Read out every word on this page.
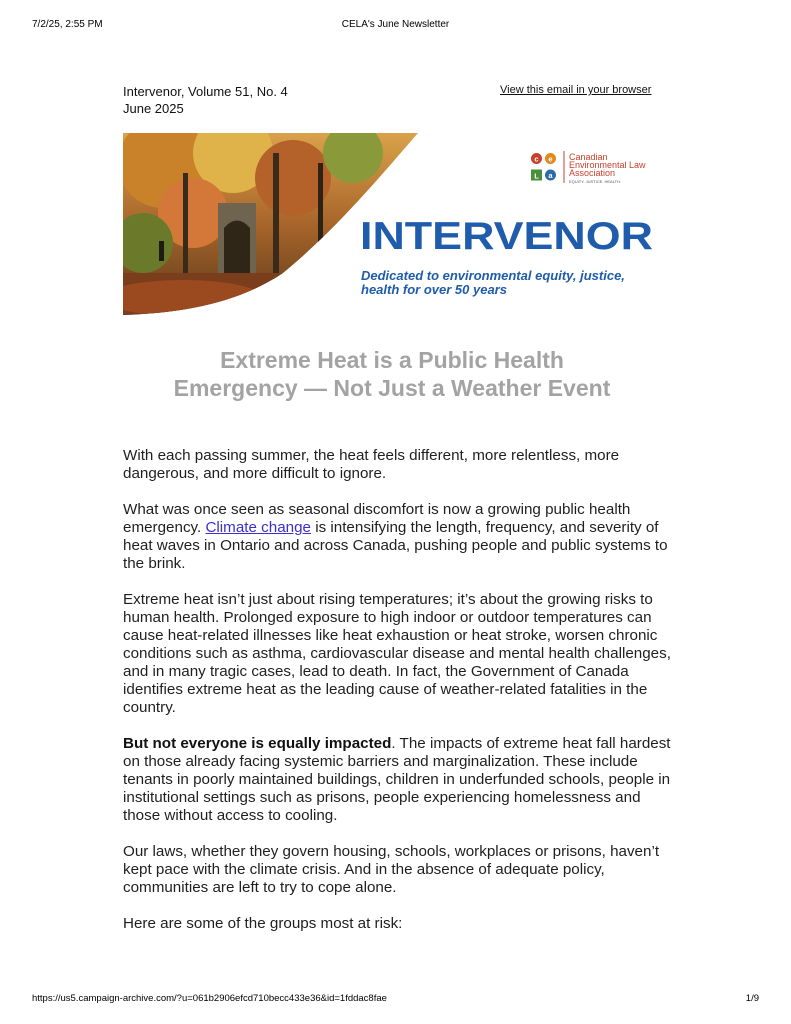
7/2/25, 2:55 PM	CELA's June Newsletter
Intervenor, Volume 51, No. 4
June 2025
View this email in your browser
c e
L a
Canadian
Environmental Law
Association
EQUITY. JUSTICE. HEALTH.
INTERVENOR
Dedicated to environmental equity, justice,
health for over 50 years
Extreme Heat is a Public Health
Emergency — Not Just a Weather Event

With each passing summer, the heat feels different, more relentless, more dangerous, and more difficult to ignore.

What was once seen as seasonal discomfort is now a growing public health emergency. Climate change is intensifying the length, frequency, and severity of heat waves in Ontario and across Canada, pushing people and public systems to the brink.

Extreme heat isn’t just about rising temperatures; it’s about the growing risks to human health. Prolonged exposure to high indoor or outdoor temperatures can cause heat-related illnesses like heat exhaustion or heat stroke, worsen chronic conditions such as asthma, cardiovascular disease and mental health challenges, and in many tragic cases, lead to death. In fact, the Government of Canada identifies extreme heat as the leading cause of weather-related fatalities in the country.

But not everyone is equally impacted. The impacts of extreme heat fall hardest on those already facing systemic barriers and marginalization. These include tenants in poorly maintained buildings, children in underfunded schools, people in institutional settings such as prisons, people experiencing homelessness and those without access to cooling.

Our laws, whether they govern housing, schools, workplaces or prisons, haven’t kept pace with the climate crisis. And in the absence of adequate policy, communities are left to try to cope alone.

Here are some of the groups most at risk:

https://us5.campaign-archive.com/?u=061b2906efcd710becc433e36&id=1fddac8fae	1/9
